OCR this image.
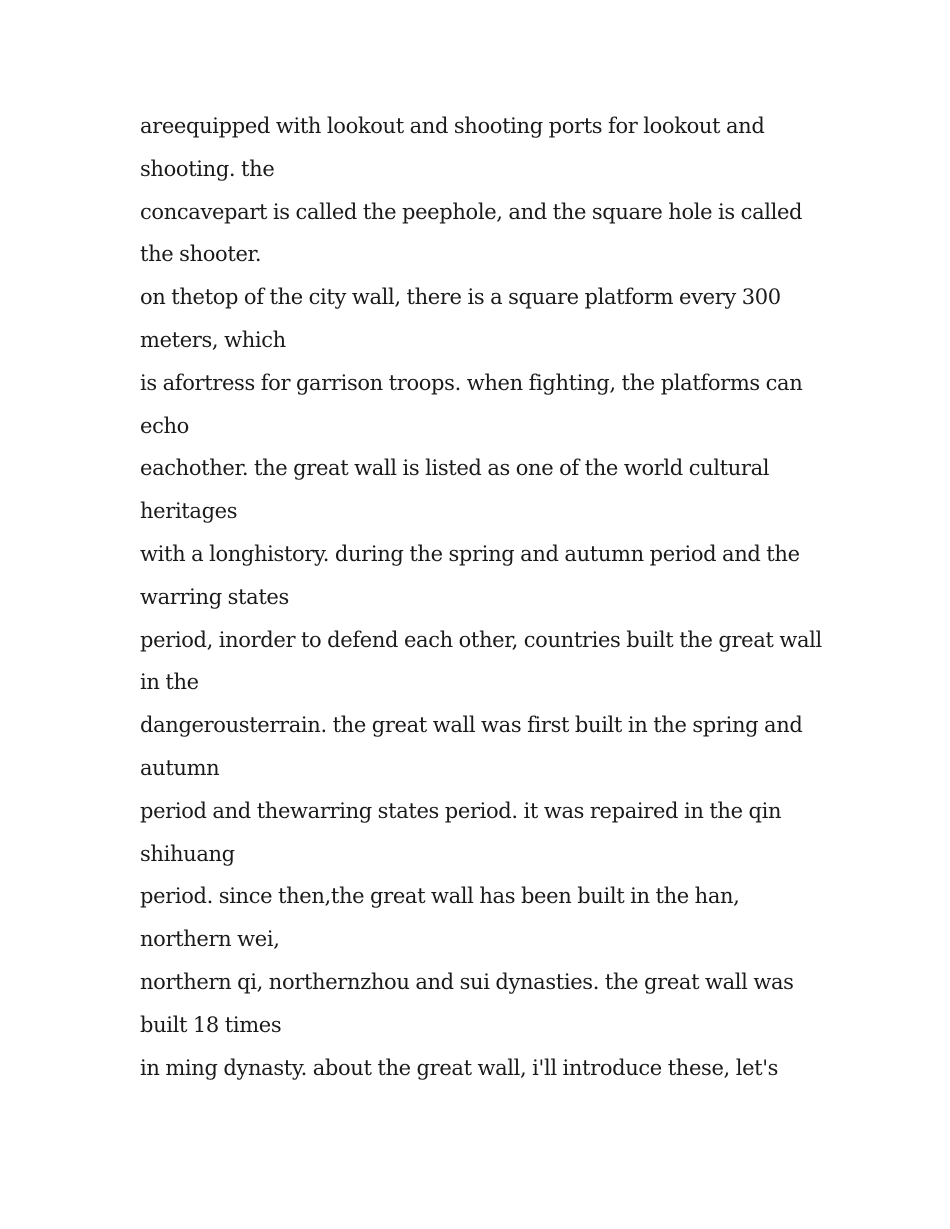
areequipped with lookout and shooting ports for lookout and
shooting. the
concavepart is called the peephole, and the square hole is called
the shooter.
on thetop of the city wall, there is a square platform every 300
meters, which
is afortress for garrison troops. when fighting, the platforms can
echo
eachother. the great wall is listed as one of the world cultural
heritages
with a longhistory. during the spring and autumn period and the
warring states
period, inorder to defend each other, countries built the great wall
in the
dangerousterrain. the great wall was first built in the spring and
autumn
period and thewarring states period. it was repaired in the qin
shihuang
period. since then,the great wall has been built in the han,
northern wei,
northern qi, northernzhou and sui dynasties. the great wall was
built 18 times
in ming dynasty. about the great wall, i'll introduce these, let's
